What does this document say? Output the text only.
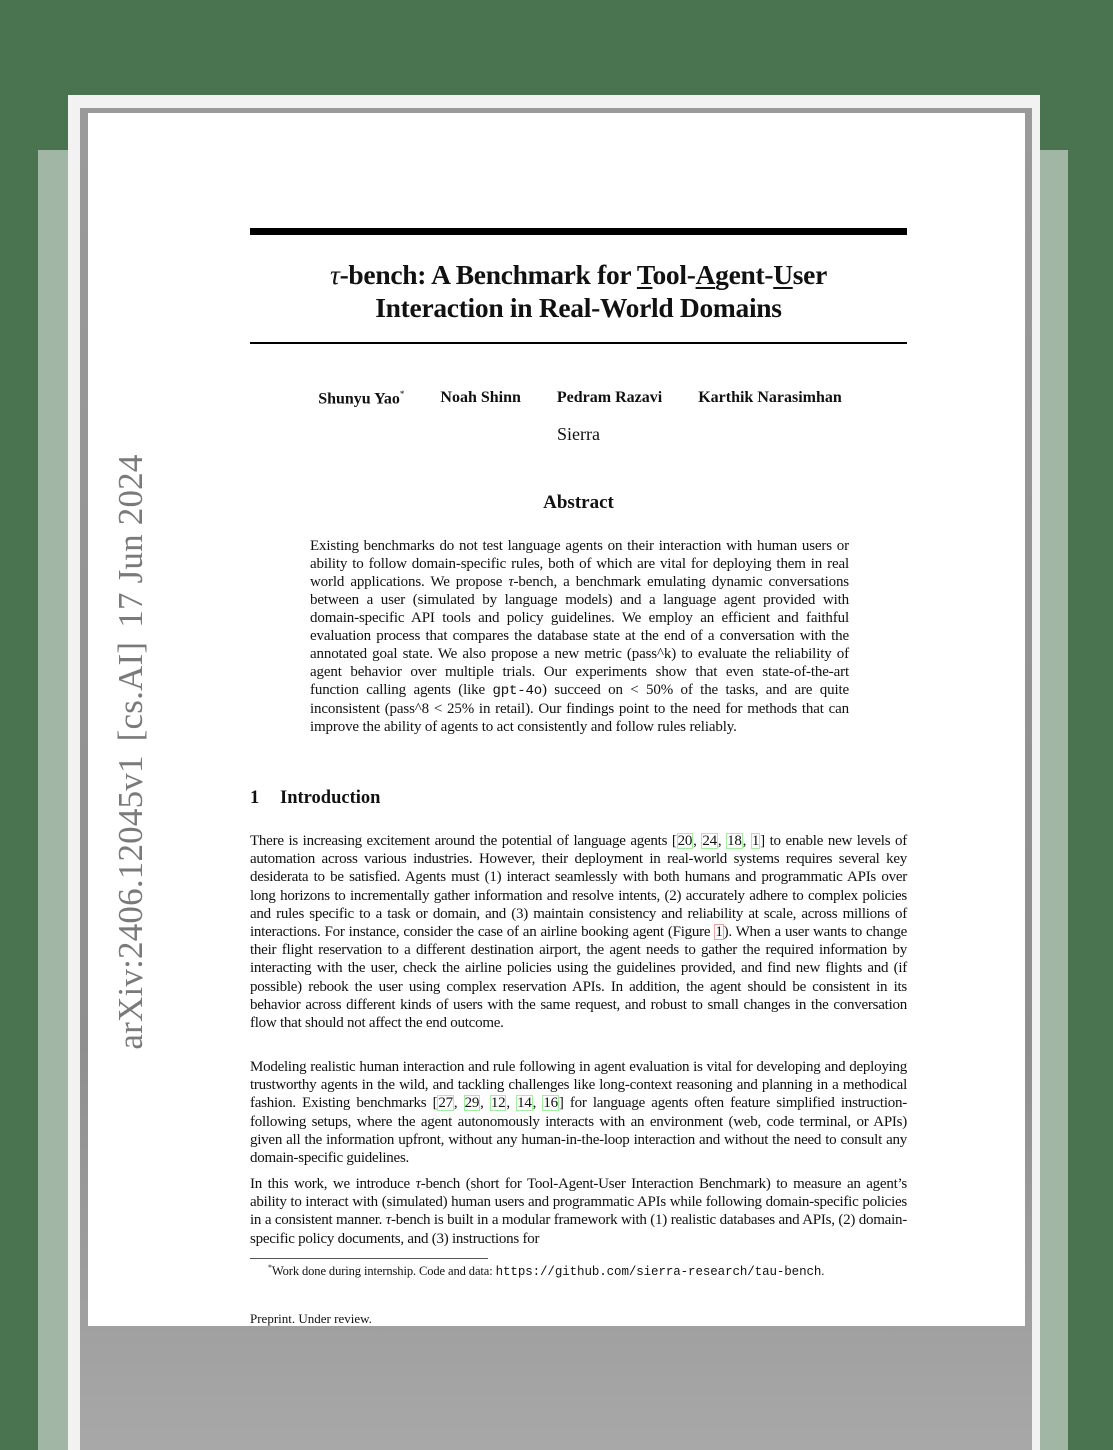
arXiv:2406.12045v1[cs.AI]17 Jun 2024
τ-bench: A Benchmark for Tool-Agent-User
Interaction in Real-World Domains
Shunyu Yao* Noah Shinn Pedram Razavi Karthik Narasimhan
Sierra
Abstract
Existing benchmarks do not test language agents on their interaction with human users or ability to follow domain-specific rules, both of which are vital for deploying them in real world applications. We propose τ-bench, a benchmark emulating dynamic conversations between a user (simulated by language models) and a language agent provided with domain-specific API tools and policy guidelines. We employ an efficient and faithful evaluation process that compares the database state at the end of a conversation with the annotated goal state. We also propose a new metric (pass^k) to evaluate the reliability of agent behavior over multiple trials. Our experiments show that even state-of-the-art function calling agents (like gpt-4o) succeed on < 50% of the tasks, and are quite inconsistent (pass^8 < 25% in retail). Our findings point to the need for methods that can improve the ability of agents to act consistently and follow rules reliably.
1 Introduction
There is increasing excitement around the potential of language agents [20, 24, 18, 1] to enable new levels of automation across various industries. However, their deployment in real-world systems requires several key desiderata to be satisfied. Agents must (1) interact seamlessly with both humans and programmatic APIs over long horizons to incrementally gather information and resolve intents, (2) accurately adhere to complex policies and rules specific to a task or domain, and (3) maintain consistency and reliability at scale, across millions of interactions. For instance, consider the case of an airline booking agent (Figure 1). When a user wants to change their flight reservation to a different destination airport, the agent needs to gather the required information by interacting with the user, check the airline policies using the guidelines provided, and find new flights and (if possible) rebook the user using complex reservation APIs. In addition, the agent should be consistent in its behavior across different kinds of users with the same request, and robust to small changes in the conversation flow that should not affect the end outcome.
Modeling realistic human interaction and rule following in agent evaluation is vital for developing and deploying trustworthy agents in the wild, and tackling challenges like long-context reasoning and planning in a methodical fashion. Existing benchmarks [27, 29, 12, 14, 16] for language agents often feature simplified instruction-following setups, where the agent autonomously interacts with an environment (web, code terminal, or APIs) given all the information upfront, without any human-in-the-loop interaction and without the need to consult any domain-specific guidelines.
In this work, we introduce τ-bench (short for Tool-Agent-User Interaction Benchmark) to measure an agent’s ability to interact with (simulated) human users and programmatic APIs while following domain-specific policies in a consistent manner. τ-bench is built in a modular framework with (1) realistic databases and APIs, (2) domain-specific policy documents, and (3) instructions for
*Work done during internship. Code and data: https://github.com/sierra-research/tau-bench.
Preprint. Under review.
